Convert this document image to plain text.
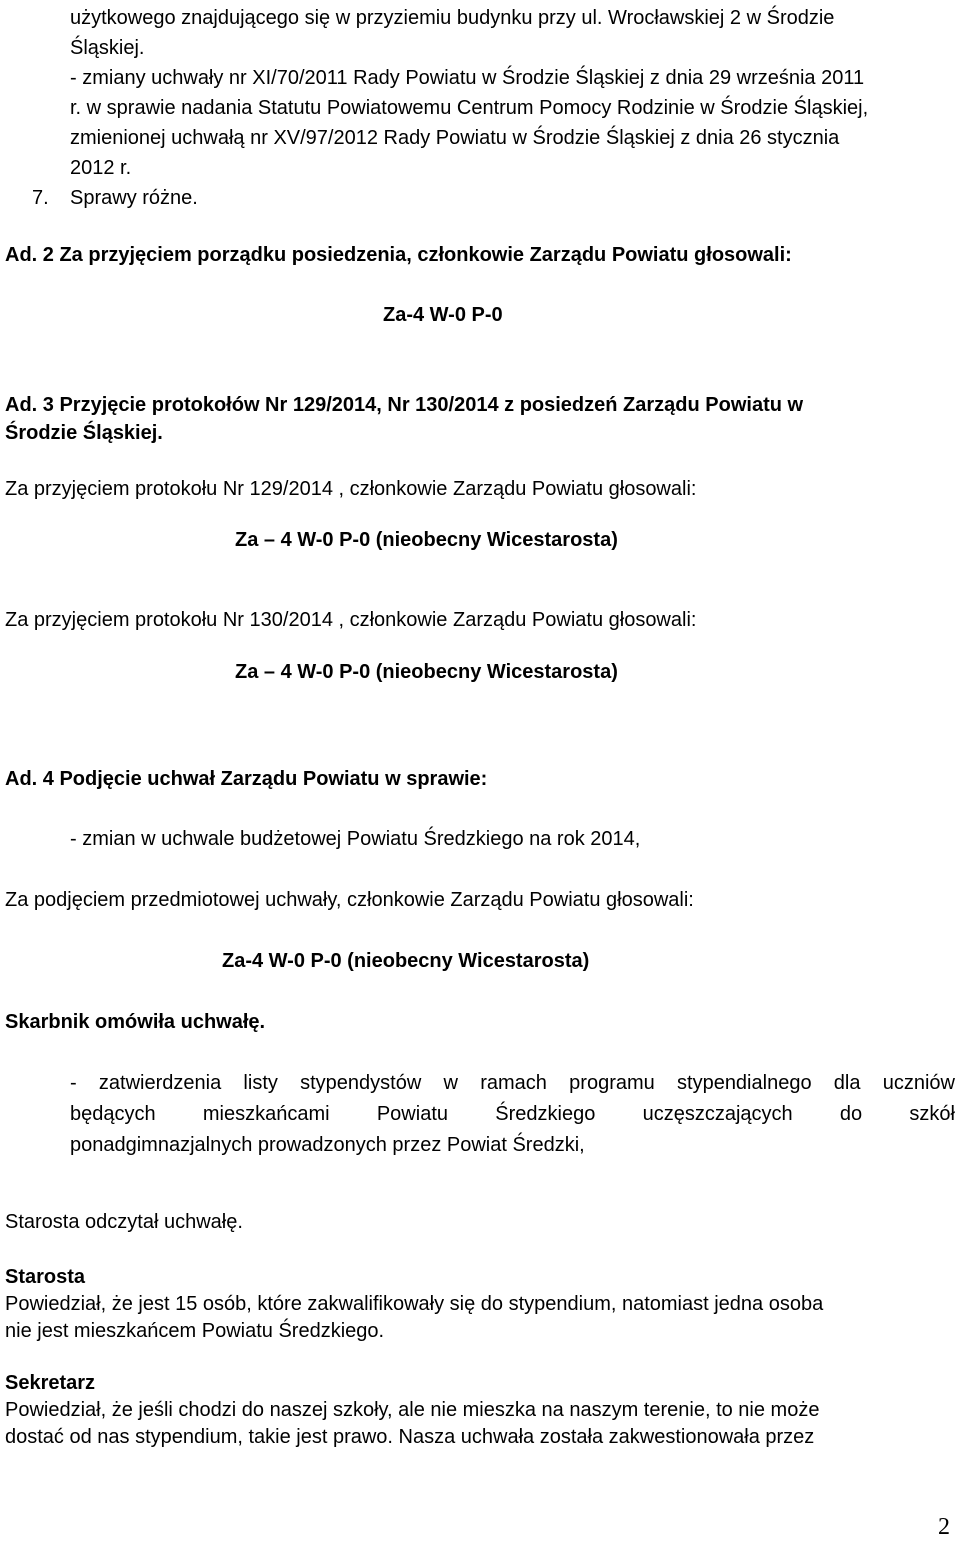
użytkowego znajdującego się w przyziemiu budynku przy ul. Wrocławskiej 2 w Środzie
Śląskiej.
- zmiany uchwały nr XI/70/2011 Rady Powiatu w Środzie Śląskiej z dnia 29 września 2011
r. w sprawie nadania Statutu Powiatowemu Centrum Pomocy Rodzinie w Środzie Śląskiej,
zmienionej uchwałą nr XV/97/2012 Rady Powiatu w Środzie Śląskiej z dnia 26 stycznia
2012 r.
7. Sprawy różne.
Ad. 2 Za przyjęciem porządku posiedzenia, członkowie Zarządu Powiatu głosowali:
Za-4 W-0 P-0
Ad. 3 Przyjęcie protokołów Nr 129/2014, Nr 130/2014 z posiedzeń Zarządu Powiatu w
Środzie Śląskiej.
Za przyjęciem protokołu Nr 129/2014 , członkowie Zarządu Powiatu głosowali:
Za – 4 W-0 P-0 (nieobecny Wicestarosta)
Za przyjęciem protokołu Nr 130/2014 , członkowie Zarządu Powiatu głosowali:
Za – 4 W-0 P-0 (nieobecny Wicestarosta)
Ad. 4 Podjęcie uchwał Zarządu Powiatu w sprawie:
- zmian w uchwale budżetowej Powiatu Średzkiego na rok 2014,
Za podjęciem przedmiotowej uchwały, członkowie Zarządu Powiatu głosowali:
Za-4 W-0 P-0 (nieobecny Wicestarosta)
Skarbnik omówiła uchwałę.
- zatwierdzenia listy stypendystów w ramach programu stypendialnego dla uczniów
będących mieszkańcami Powiatu Średzkiego uczęszczających do szkół
ponadgimnazjalnych prowadzonych przez Powiat Średzki,
Starosta odczytał uchwałę.
Starosta
Powiedział, że jest 15 osób, które zakwalifikowały się do stypendium, natomiast jedna osoba
nie jest mieszkańcem Powiatu Średzkiego.
Sekretarz
Powiedział, że jeśli chodzi do naszej szkoły, ale nie mieszka na naszym terenie, to nie może
dostać od nas stypendium, takie jest prawo. Nasza uchwała została zakwestionowała przez
2
